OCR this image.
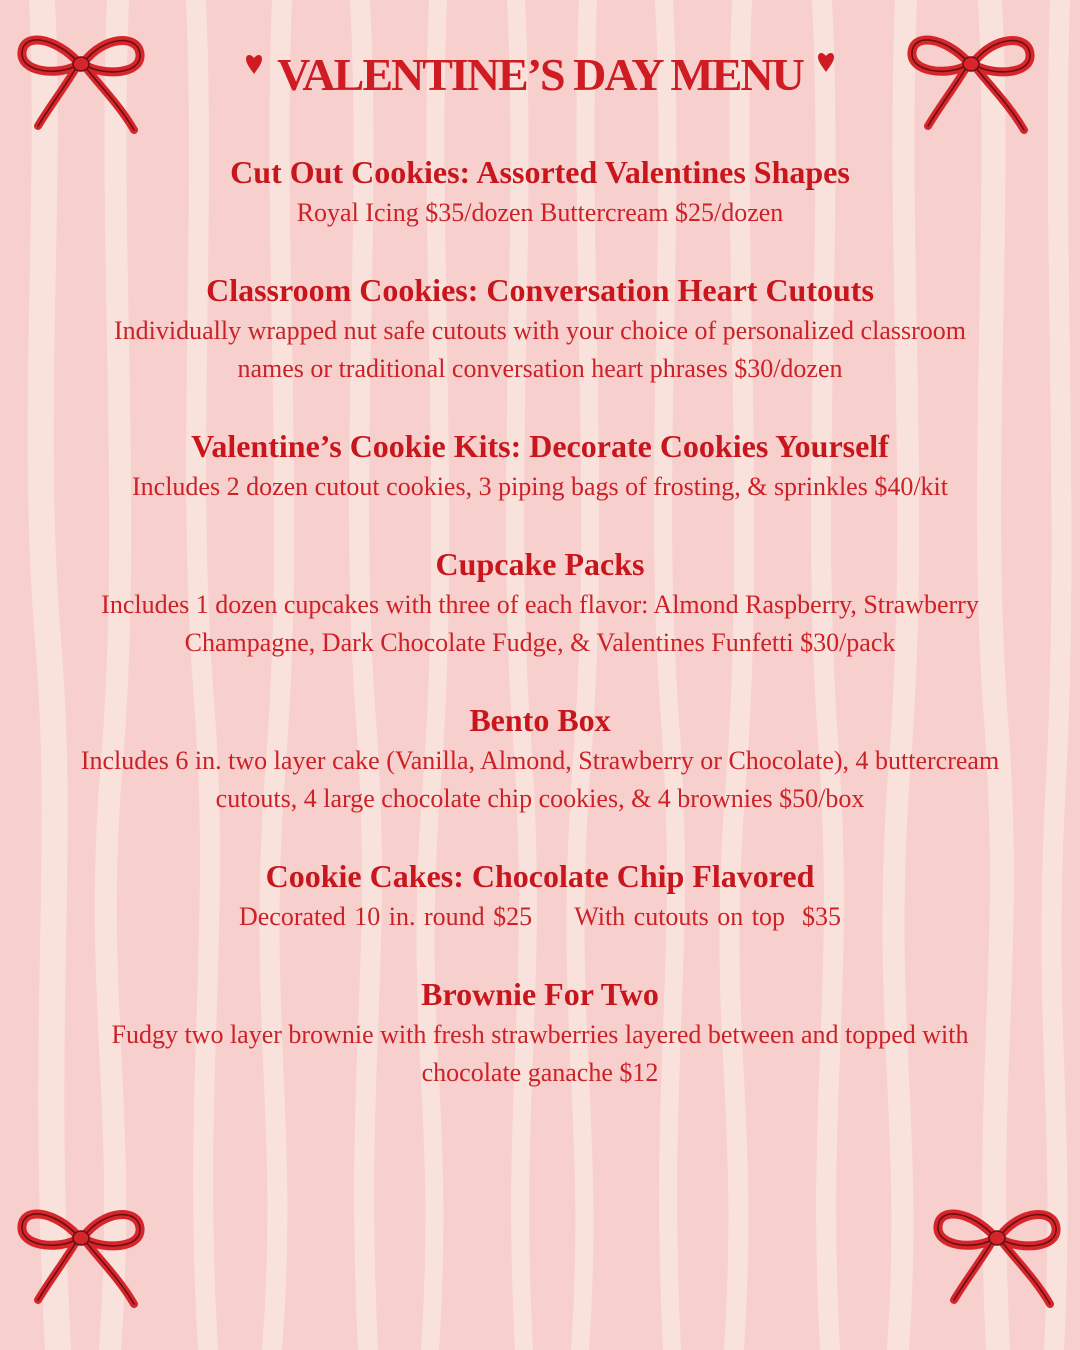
VALENTINE’S DAY MENU
Cut Out Cookies: Assorted Valentines Shapes
Royal Icing $35/dozen Buttercream $25/dozen
Classroom Cookies: Conversation Heart Cutouts
Individually wrapped nut safe cutouts with your choice of personalized classroom names or traditional conversation heart phrases $30/dozen
Valentine’s Cookie Kits: Decorate Cookies Yourself
Includes 2 dozen cutout cookies, 3 piping bags of frosting, & sprinkles $40/kit
Cupcake Packs
Includes 1 dozen cupcakes with three of each flavor: Almond Raspberry, Strawberry Champagne, Dark Chocolate Fudge, & Valentines Funfetti $30/pack
Bento Box
Includes 6 in. two layer cake (Vanilla, Almond, Strawberry or Chocolate), 4 buttercream cutouts, 4 large chocolate chip cookies, & 4 brownies $50/box
Cookie Cakes: Chocolate Chip Flavored
Decorated 10 in. round $25     With cutouts on top  $35
Brownie For Two
Fudgy two layer brownie with fresh strawberries layered between and topped with chocolate ganache $12
